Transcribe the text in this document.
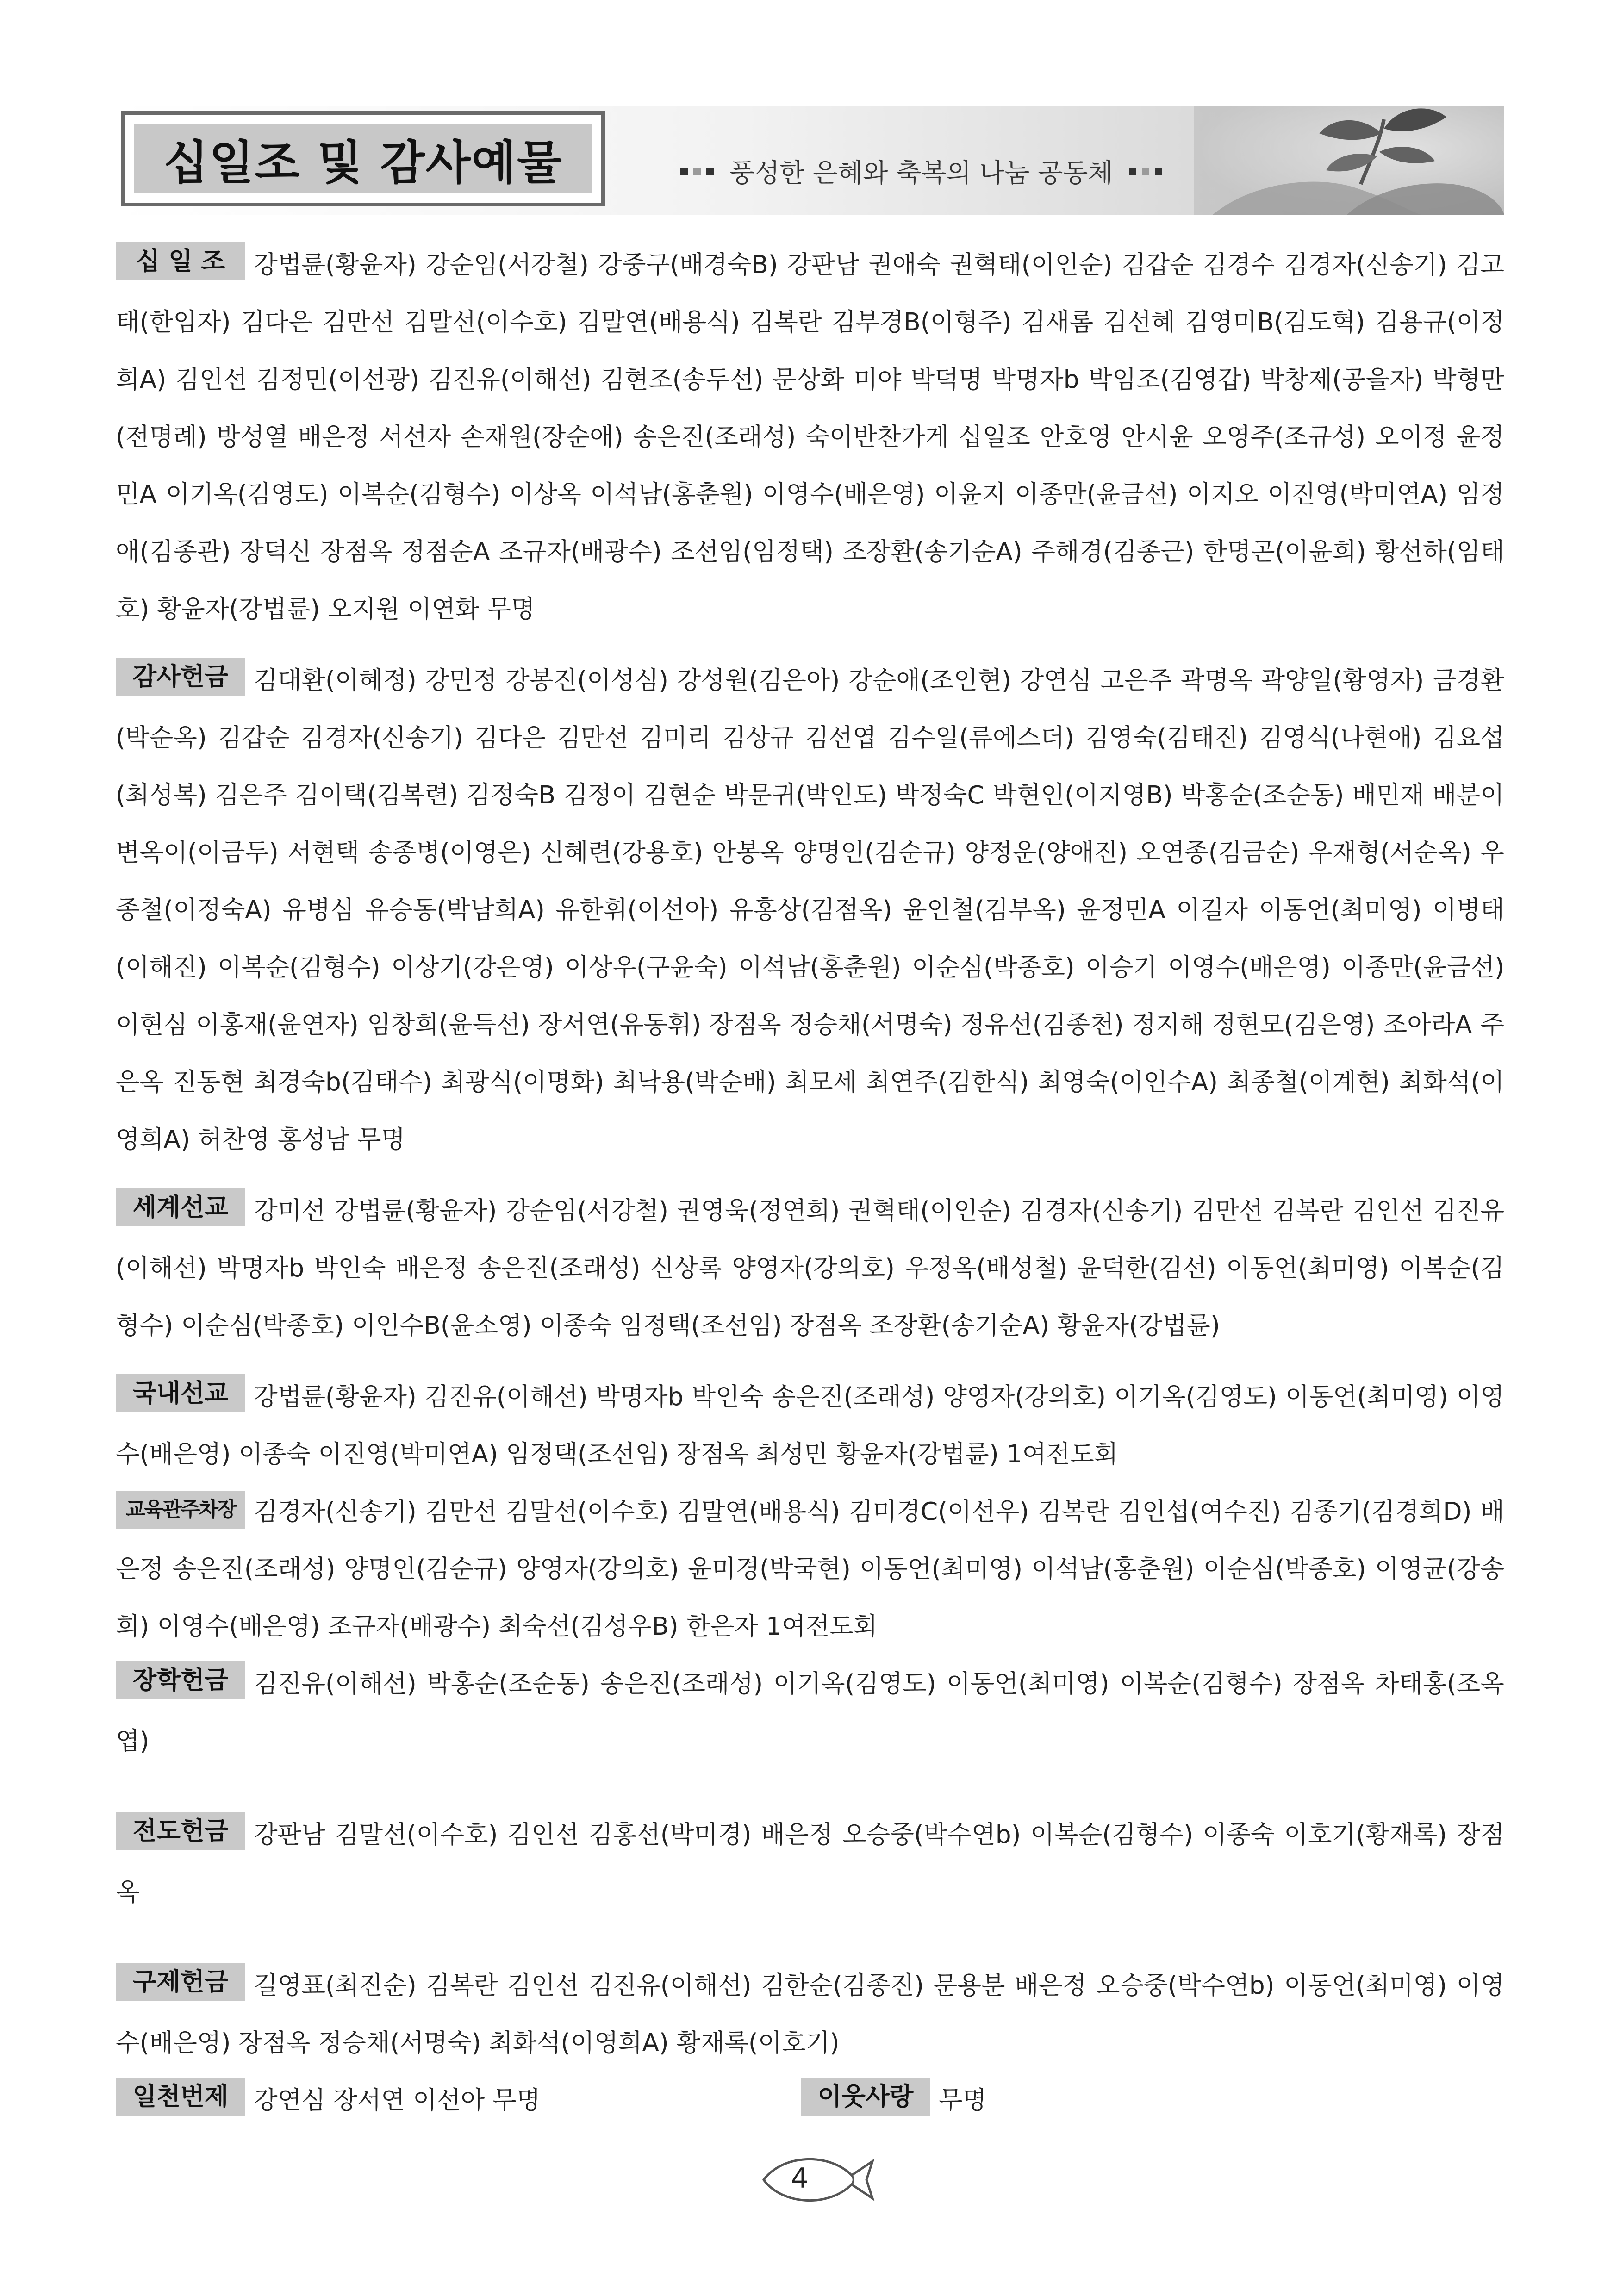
십일조 및 감사예물	풍성한 은혜와 축복의 나눔 공동체

십 일 조 강법륜(황윤자) 강순임(서강철) 강중구(배경숙B) 강판남 권애숙 권혁태(이인순) 김갑순 김경수 김경자(신송기) 김고태(한임자) 김다은 김만선 김말선(이수호) 김말연(배용식) 김복란 김부경B(이형주) 김새롬 김선혜 김영미B(김도혁) 김용규(이정희A) 김인선 김정민(이선광) 김진유(이해선) 김현조(송두선) 문상화 미야 박덕명 박명자b 박임조(김영갑) 박창제(공을자) 박형만(전명례) 방성열 배은정 서선자 손재원(장순애) 송은진(조래성) 숙이반찬가게 십일조 안호영 안시윤 오영주(조규성) 오이정 윤정민A 이기옥(김영도) 이복순(김형수) 이상옥 이석남(홍춘원) 이영수(배은영) 이윤지 이종만(윤금선) 이지오 이진영(박미연A) 임정애(김종관) 장덕신 장점옥 정점순A 조규자(배광수) 조선임(임정택) 조장환(송기순A) 주해경(김종근) 한명곤(이윤희) 황선하(임태호) 황윤자(강법륜) 오지원 이연화 무명

감사헌금 김대환(이혜정) 강민정 강봉진(이성심) 강성원(김은아) 강순애(조인현) 강연심 고은주 곽명옥 곽양일(황영자) 금경환(박순옥) 김갑순 김경자(신송기) 김다은 김만선 김미리 김상규 김선엽 김수일(류에스더) 김영숙(김태진) 김영식(나현애) 김요섭(최성복) 김은주 김이택(김복련) 김정숙B 김정이 김현순 박문귀(박인도) 박정숙C 박현인(이지영B) 박홍순(조순동) 배민재 배분이 변옥이(이금두) 서현택 송종병(이영은) 신혜련(강용호) 안봉옥 양명인(김순규) 양정운(양애진) 오연종(김금순) 우재형(서순옥) 우종철(이정숙A) 유병심 유승동(박남희A) 유한휘(이선아) 유홍상(김점옥) 윤인철(김부옥) 윤정민A 이길자 이동언(최미영) 이병태(이해진) 이복순(김형수) 이상기(강은영) 이상우(구윤숙) 이석남(홍춘원) 이순심(박종호) 이승기 이영수(배은영) 이종만(윤금선) 이현심 이홍재(윤연자) 임창희(윤득선) 장서연(유동휘) 장점옥 정승채(서명숙) 정유선(김종천) 정지해 정현모(김은영) 조아라A 주은옥 진동현 최경숙b(김태수) 최광식(이명화) 최낙용(박순배) 최모세 최연주(김한식) 최영숙(이인수A) 최종철(이계현) 최화석(이영희A) 허찬영 홍성남 무명

세계선교 강미선 강법륜(황윤자) 강순임(서강철) 권영욱(정연희) 권혁태(이인순) 김경자(신송기) 김만선 김복란 김인선 김진유(이해선) 박명자b 박인숙 배은정 송은진(조래성) 신상록 양영자(강의호) 우정옥(배성철) 윤덕한(김선) 이동언(최미영) 이복순(김형수) 이순심(박종호) 이인수B(윤소영) 이종숙 임정택(조선임) 장점옥 조장환(송기순A) 황윤자(강법륜)

국내선교 강법륜(황윤자) 김진유(이해선) 박명자b 박인숙 송은진(조래성) 양영자(강의호) 이기옥(김영도) 이동언(최미영) 이영수(배은영) 이종숙 이진영(박미연A) 임정택(조선임) 장점옥 최성민 황윤자(강법륜) 1여전도회

교육관주차장 김경자(신송기) 김만선 김말선(이수호) 김말연(배용식) 김미경C(이선우) 김복란 김인섭(여수진) 김종기(김경희D) 배은정 송은진(조래성) 양명인(김순규) 양영자(강의호) 윤미경(박국현) 이동언(최미영) 이석남(홍춘원) 이순심(박종호) 이영균(강송희) 이영수(배은영) 조규자(배광수) 최숙선(김성우B) 한은자 1여전도회

장학헌금 김진유(이해선) 박홍순(조순동) 송은진(조래성) 이기옥(김영도) 이동언(최미영) 이복순(김형수) 장점옥 차태홍(조옥엽)

전도헌금 강판남 김말선(이수호) 김인선 김홍선(박미경) 배은정 오승중(박수연b) 이복순(김형수) 이종숙 이호기(황재록) 장점옥

구제헌금 길영표(최진순) 김복란 김인선 김진유(이해선) 김한순(김종진) 문용분 배은정 오승중(박수연b) 이동언(최미영) 이영수(배은영) 장점옥 정승채(서명숙) 최화석(이영희A) 황재록(이호기)

일천번제 강연심 장서연 이선아 무명	이웃사랑 무명
4
